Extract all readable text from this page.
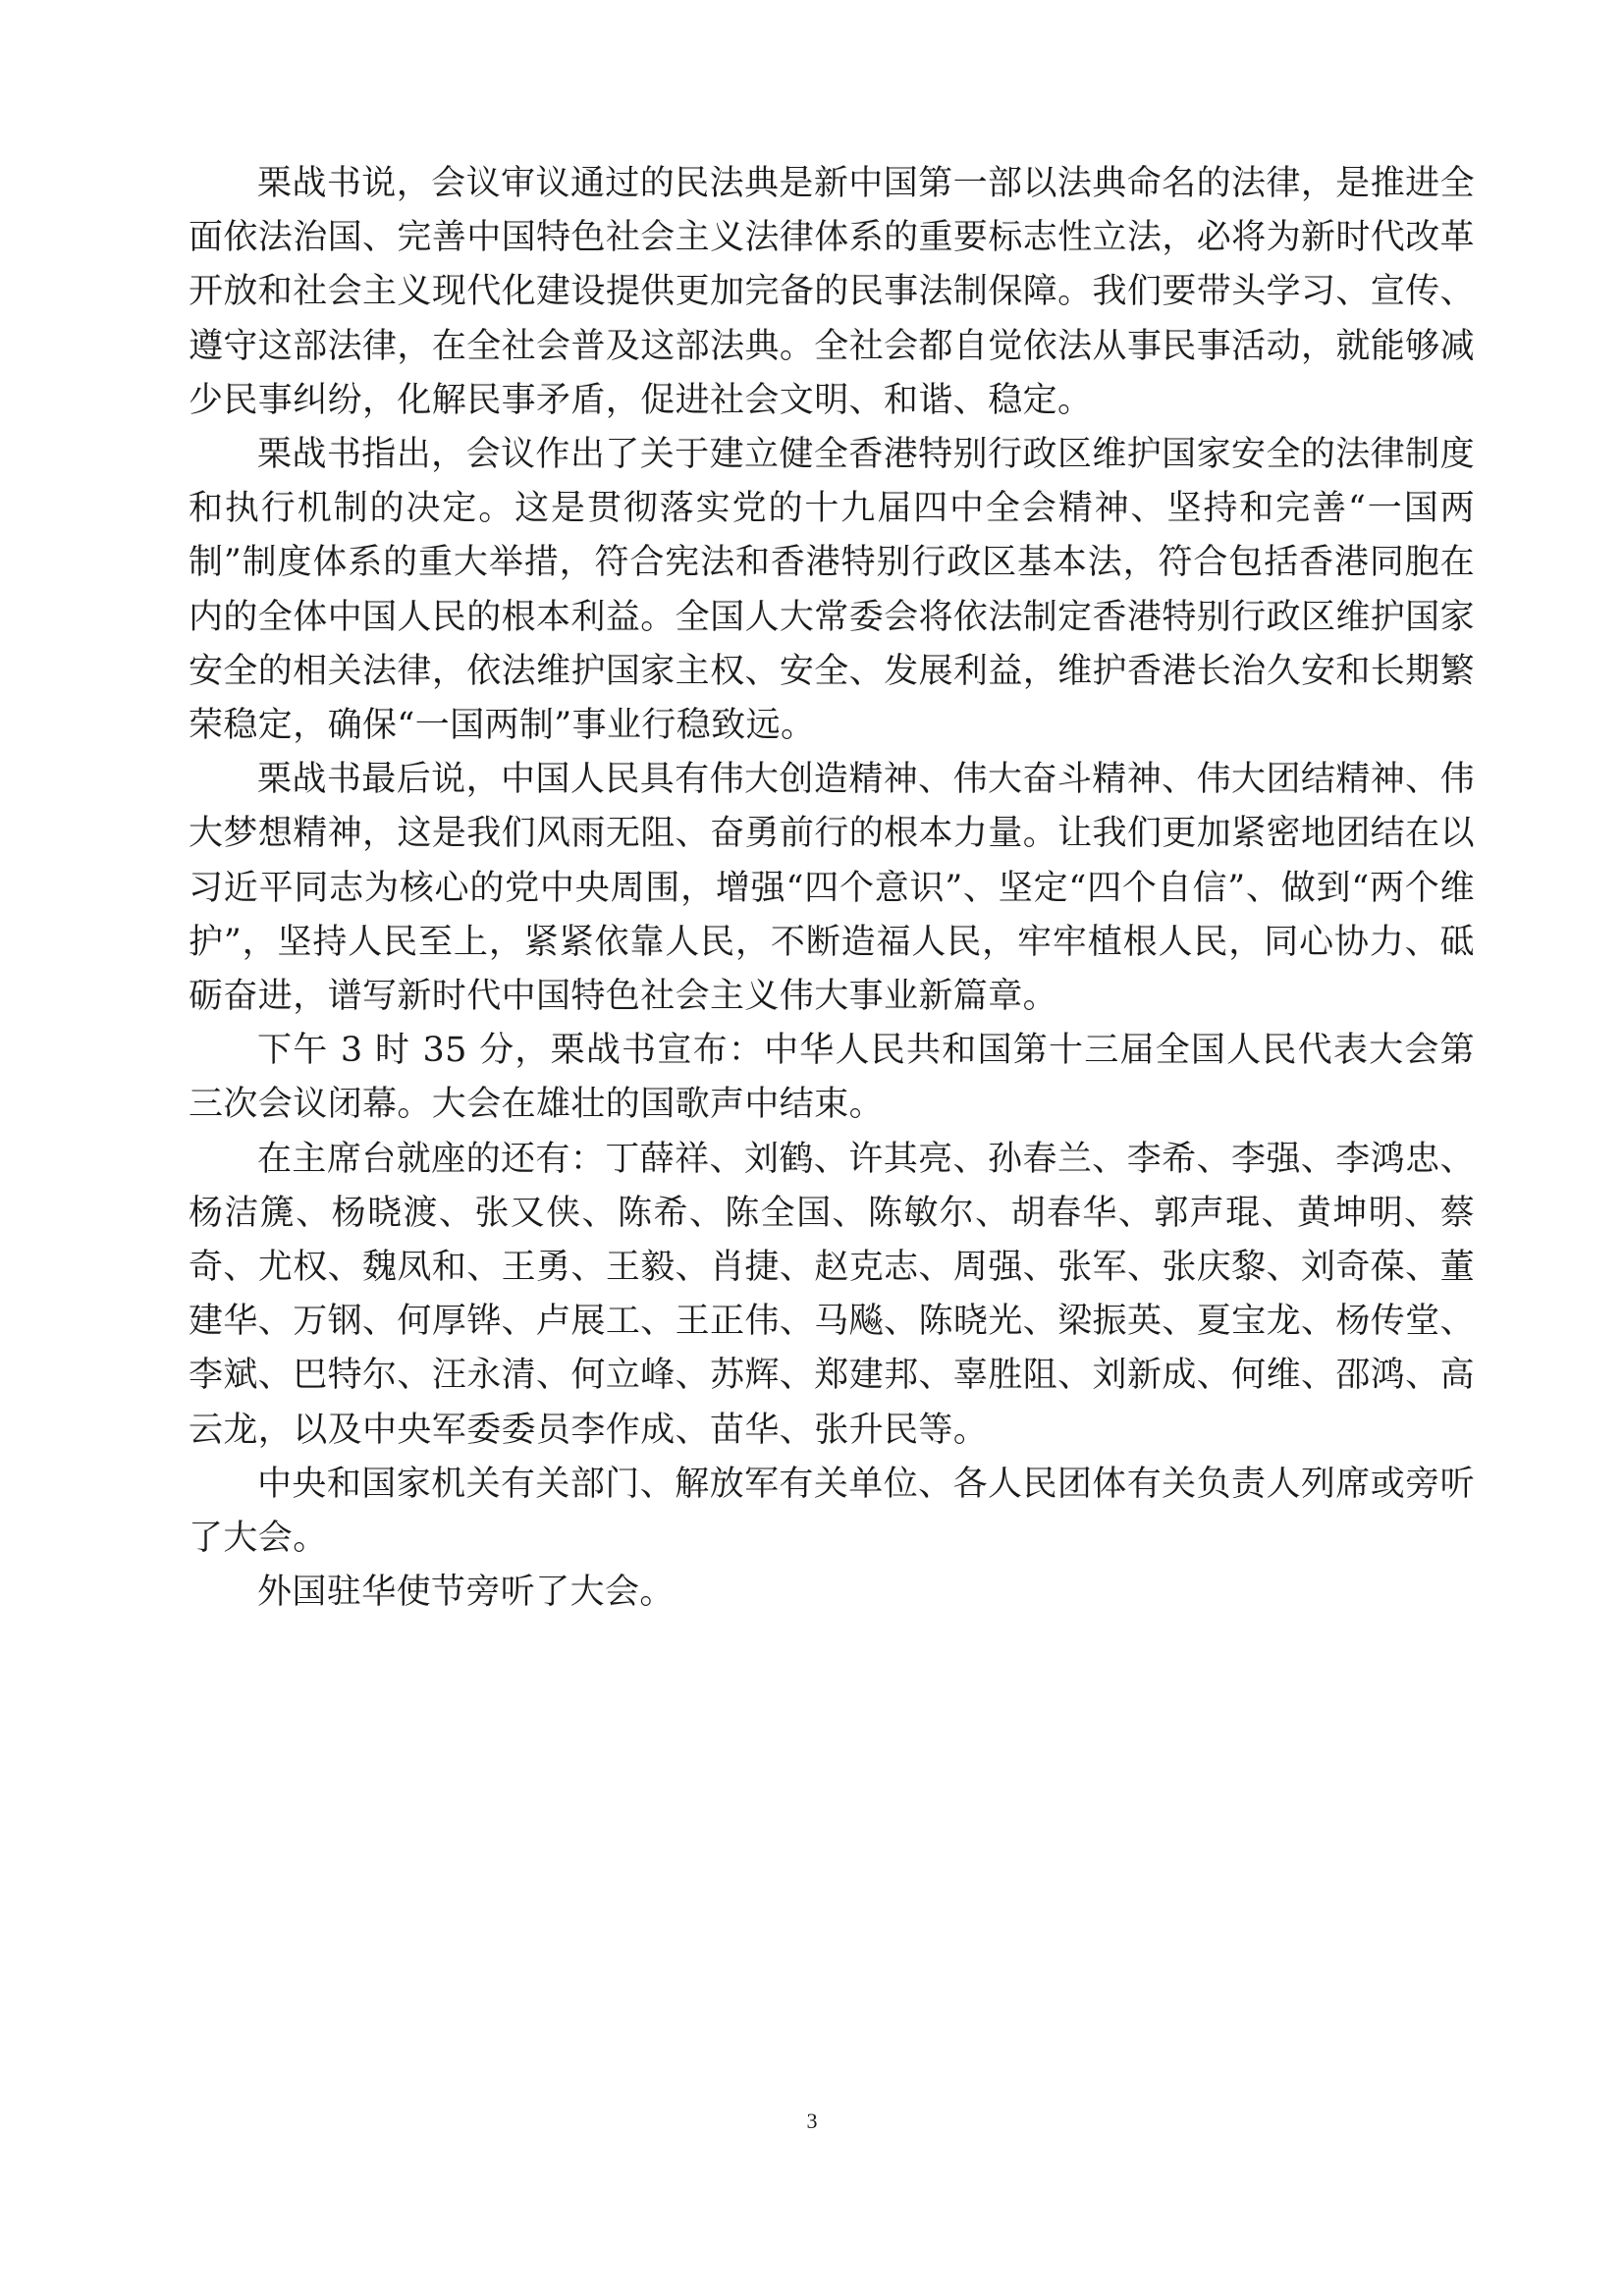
栗战书说，会议审议通过的民法典是新中国第一部以法典命名的法律，是推进全面依法治国、完善中国特色社会主义法律体系的重要标志性立法，必将为新时代改革开放和社会主义现代化建设提供更加完备的民事法制保障。我们要带头学习、宣传、遵守这部法律，在全社会普及这部法典。全社会都自觉依法从事民事活动，就能够减少民事纠纷，化解民事矛盾，促进社会文明、和谐、稳定。

栗战书指出，会议作出了关于建立健全香港特别行政区维护国家安全的法律制度和执行机制的决定。这是贯彻落实党的十九届四中全会精神、坚持和完善“一国两制”制度体系的重大举措，符合宪法和香港特别行政区基本法，符合包括香港同胞在内的全体中国人民的根本利益。全国人大常委会将依法制定香港特别行政区维护国家安全的相关法律，依法维护国家主权、安全、发展利益，维护香港长治久安和长期繁荣稳定，确保“一国两制”事业行稳致远。

栗战书最后说，中国人民具有伟大创造精神、伟大奋斗精神、伟大团结精神、伟大梦想精神，这是我们风雨无阻、奋勇前行的根本力量。让我们更加紧密地团结在以习近平同志为核心的党中央周围，增强“四个意识”、坚定“四个自信”、做到“两个维护”，坚持人民至上，紧紧依靠人民，不断造福人民，牢牢植根人民，同心协力、砥砺奋进，谱写新时代中国特色社会主义伟大事业新篇章。

下午 3 时 35 分，栗战书宣布：中华人民共和国第十三届全国人民代表大会第三次会议闭幕。大会在雄壮的国歌声中结束。

在主席台就座的还有：丁薛祥、刘鹤、许其亮、孙春兰、李希、李强、李鸿忠、杨洁篪、杨晓渡、张又侠、陈希、陈全国、陈敏尔、胡春华、郭声琨、黄坤明、蔡奇、尤权、魏凤和、王勇、王毅、肖捷、赵克志、周强、张军、张庆黎、刘奇葆、董建华、万钢、何厚铧、卢展工、王正伟、马飚、陈晓光、梁振英、夏宝龙、杨传堂、李斌、巴特尔、汪永清、何立峰、苏辉、郑建邦、辜胜阻、刘新成、何维、邵鸿、高云龙，以及中央军委委员李作成、苗华、张升民等。

中央和国家机关有关部门、解放军有关单位、各人民团体有关负责人列席或旁听了大会。

外国驻华使节旁听了大会。

3
